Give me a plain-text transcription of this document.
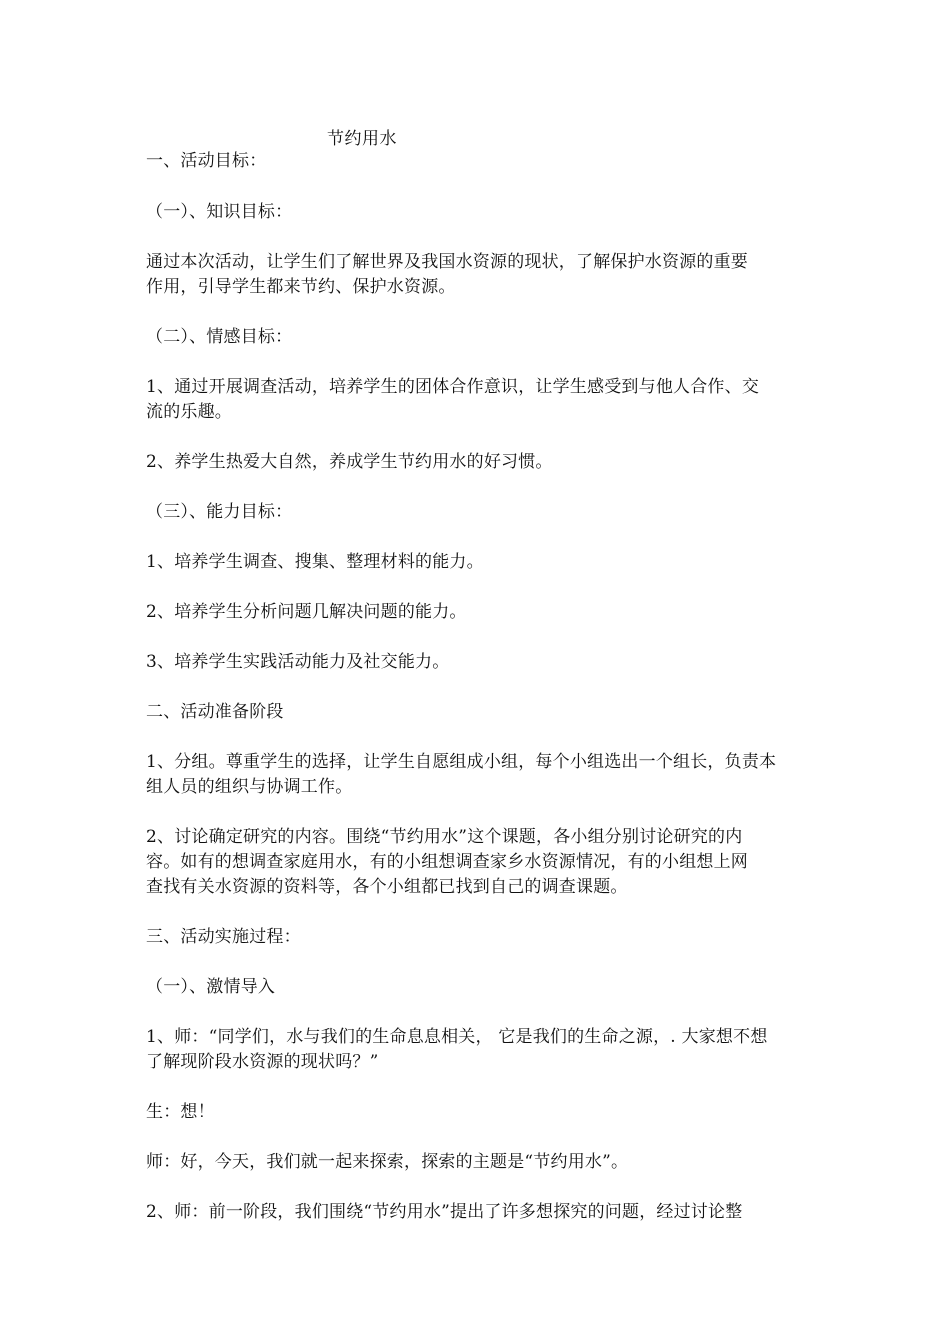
节约用水
一、活动目标：
（一）、知识目标：
通过本次活动，让学生们了解世界及我国水资源的现状，了解保护水资源的重要
作用，引导学生都来节约、保护水资源。
（二）、情感目标：
1、通过开展调查活动，培养学生的团体合作意识，让学生感受到与他人合作、交
流的乐趣。
2、养学生热爱大自然，养成学生节约用水的好习惯。
（三）、能力目标：
1、培养学生调查、搜集、整理材料的能力。
2、培养学生分析问题几解决问题的能力。
3、培养学生实践活动能力及社交能力。
二、活动准备阶段
1、分组。尊重学生的选择，让学生自愿组成小组，每个小组选出一个组长，负责本
组人员的组织与协调工作。
2、讨论确定研究的内容。围绕“节约用水”这个课题，各小组分别讨论研究的内
容。如有的想调查家庭用水，有的小组想调查家乡水资源情况，有的小组想上网
查找有关水资源的资料等，各个小组都已找到自己的调查课题。
三、活动实施过程：
（一）、激情导入
1、师：“同学们，水与我们的生命息息相关， 它是我们的生命之源，. 大家想不想
了解现阶段水资源的现状吗？”
生：想！
师：好，今天，我们就一起来探索，探索的主题是“节约用水”。
2、师：前一阶段，我们围绕“节约用水”提出了许多想探究的问题，经过讨论整
